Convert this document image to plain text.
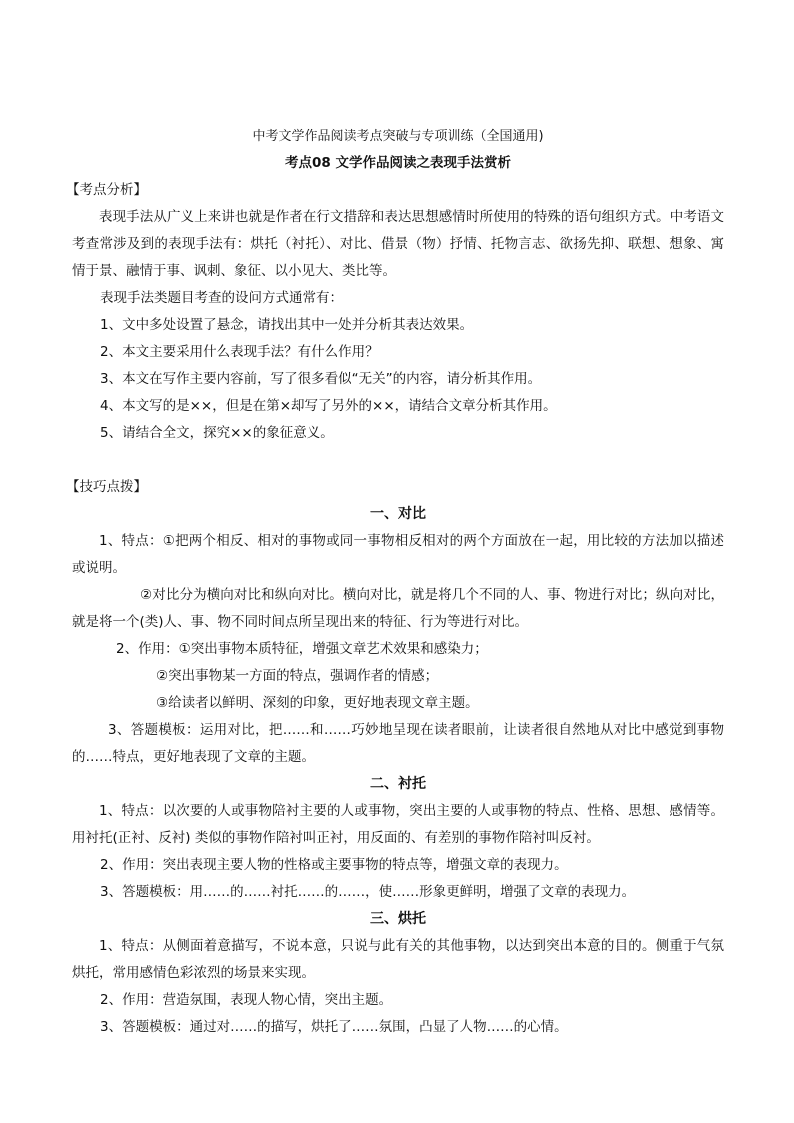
中考文学作品阅读考点突破与专项训练（全国通用)
考点08 文学作品阅读之表现手法赏析
【考点分析】
表现手法从广义上来讲也就是作者在行文措辞和表达思想感情时所使用的特殊的语句组织方式。中考语文考查常涉及到的表现手法有：烘托（衬托）、对比、借景（物）抒情、托物言志、欲扬先抑、联想、想象、寓情于景、融情于事、讽刺、象征、以小见大、类比等。
表现手法类题目考查的设问方式通常有：
1、文中多处设置了悬念，请找出其中一处并分析其表达效果。
2、本文主要采用什么表现手法？有什么作用？
3、本文在写作主要内容前，写了很多看似“无关”的内容，请分析其作用。
4、本文写的是××，但是在第×却写了另外的××，请结合文章分析其作用。
5、请结合全文，探究××的象征意义。
【技巧点拨】
一、对比
1、特点：①把两个相反、相对的事物或同一事物相反相对的两个方面放在一起，用比较的方法加以描述或说明。
②对比分为横向对比和纵向对比。横向对比，就是将几个不同的人、事、物进行对比；纵向对比，就是将一个(类)人、事、物不同时间点所呈现出来的特征、行为等进行对比。
2、作用：①突出事物本质特征，增强文章艺术效果和感染力；
②突出事物某一方面的特点，强调作者的情感；
③给读者以鲜明、深刻的印象，更好地表现文章主题。
3、答题模板：运用对比，把……和……巧妙地呈现在读者眼前，让读者很自然地从对比中感觉到事物的……特点，更好地表现了文章的主题。
二、衬托
1、特点：以次要的人或事物陪衬主要的人或事物，突出主要的人或事物的特点、性格、思想、感情等。用衬托(正衬、反衬) 类似的事物作陪衬叫正衬，用反面的、有差别的事物作陪衬叫反衬。
2、作用：突出表现主要人物的性格或主要事物的特点等，增强文章的表现力。
3、答题模板：用……的……衬托……的……，使……形象更鲜明，增强了文章的表现力。
三、烘托
1、特点：从侧面着意描写，不说本意，只说与此有关的其他事物，以达到突出本意的目的。侧重于气氛烘托，常用感情色彩浓烈的场景来实现。
2、作用：营造氛围，表现人物心情，突出主题。
3、答题模板：通过对……的描写，烘托了……氛围，凸显了人物……的心情。
